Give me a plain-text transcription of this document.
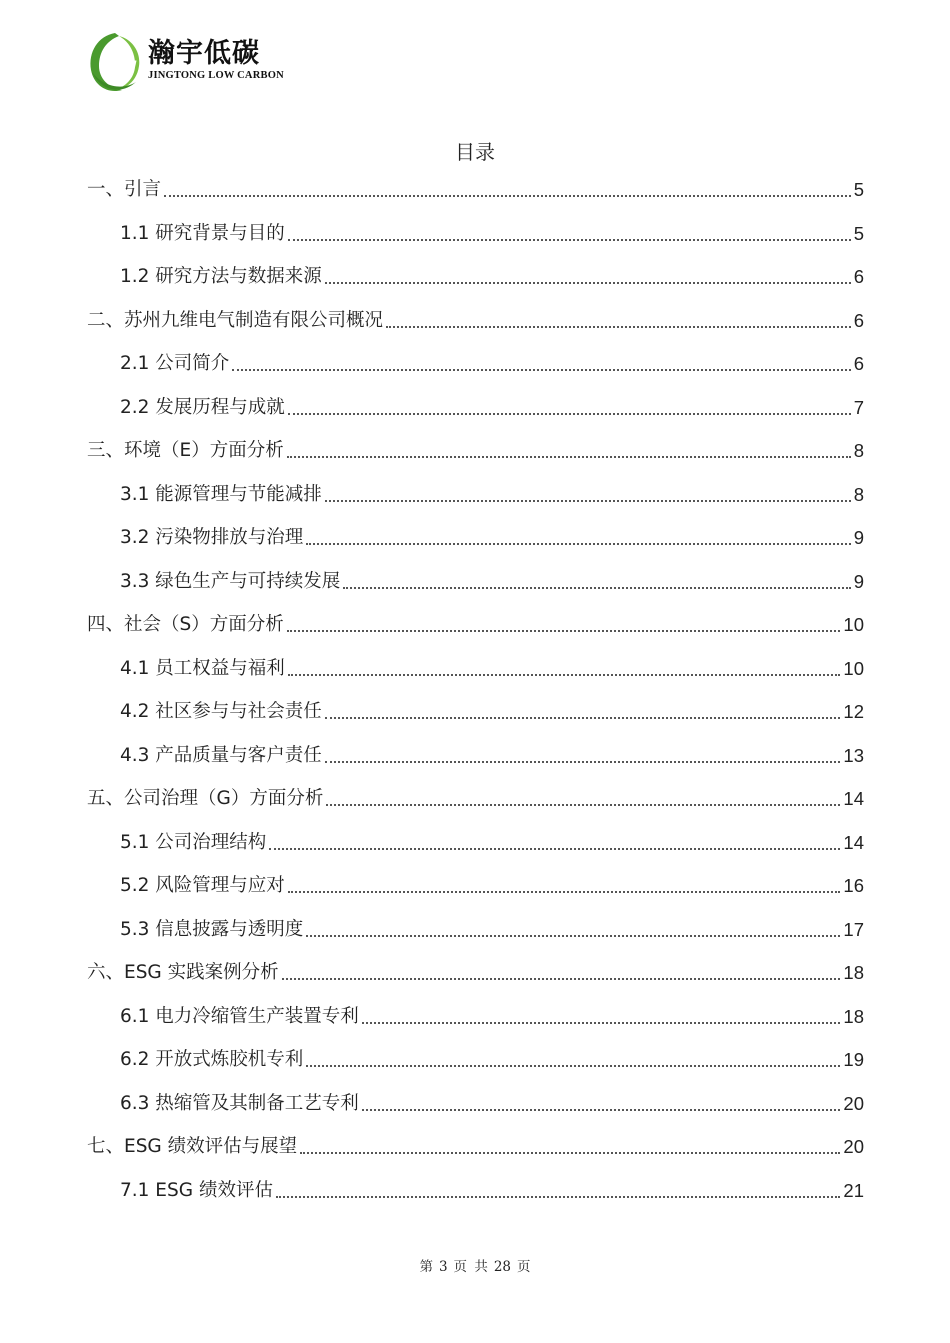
hy 瀚宇低碳
JINGTONG LOW CARBON
目录
一、引言	5
1.1 研究背景与目的	5
1.2 研究方法与数据来源	6
二、苏州九维电气制造有限公司概况	6
2.1 公司简介	6
2.2 发展历程与成就	7
三、环境（E）方面分析	8
3.1 能源管理与节能减排	8
3.2 污染物排放与治理	9
3.3 绿色生产与可持续发展	9
四、社会（S）方面分析	10
4.1 员工权益与福利	10
4.2 社区参与与社会责任	12
4.3 产品质量与客户责任	13
五、公司治理（G）方面分析	14
5.1 公司治理结构	14
5.2 风险管理与应对	16
5.3 信息披露与透明度	17
六、ESG 实践案例分析	18
6.1 电力冷缩管生产装置专利	18
6.2 开放式炼胶机专利	19
6.3 热缩管及其制备工艺专利	20
七、ESG 绩效评估与展望	20
7.1 ESG 绩效评估	21
第 3 页 共 28 页
